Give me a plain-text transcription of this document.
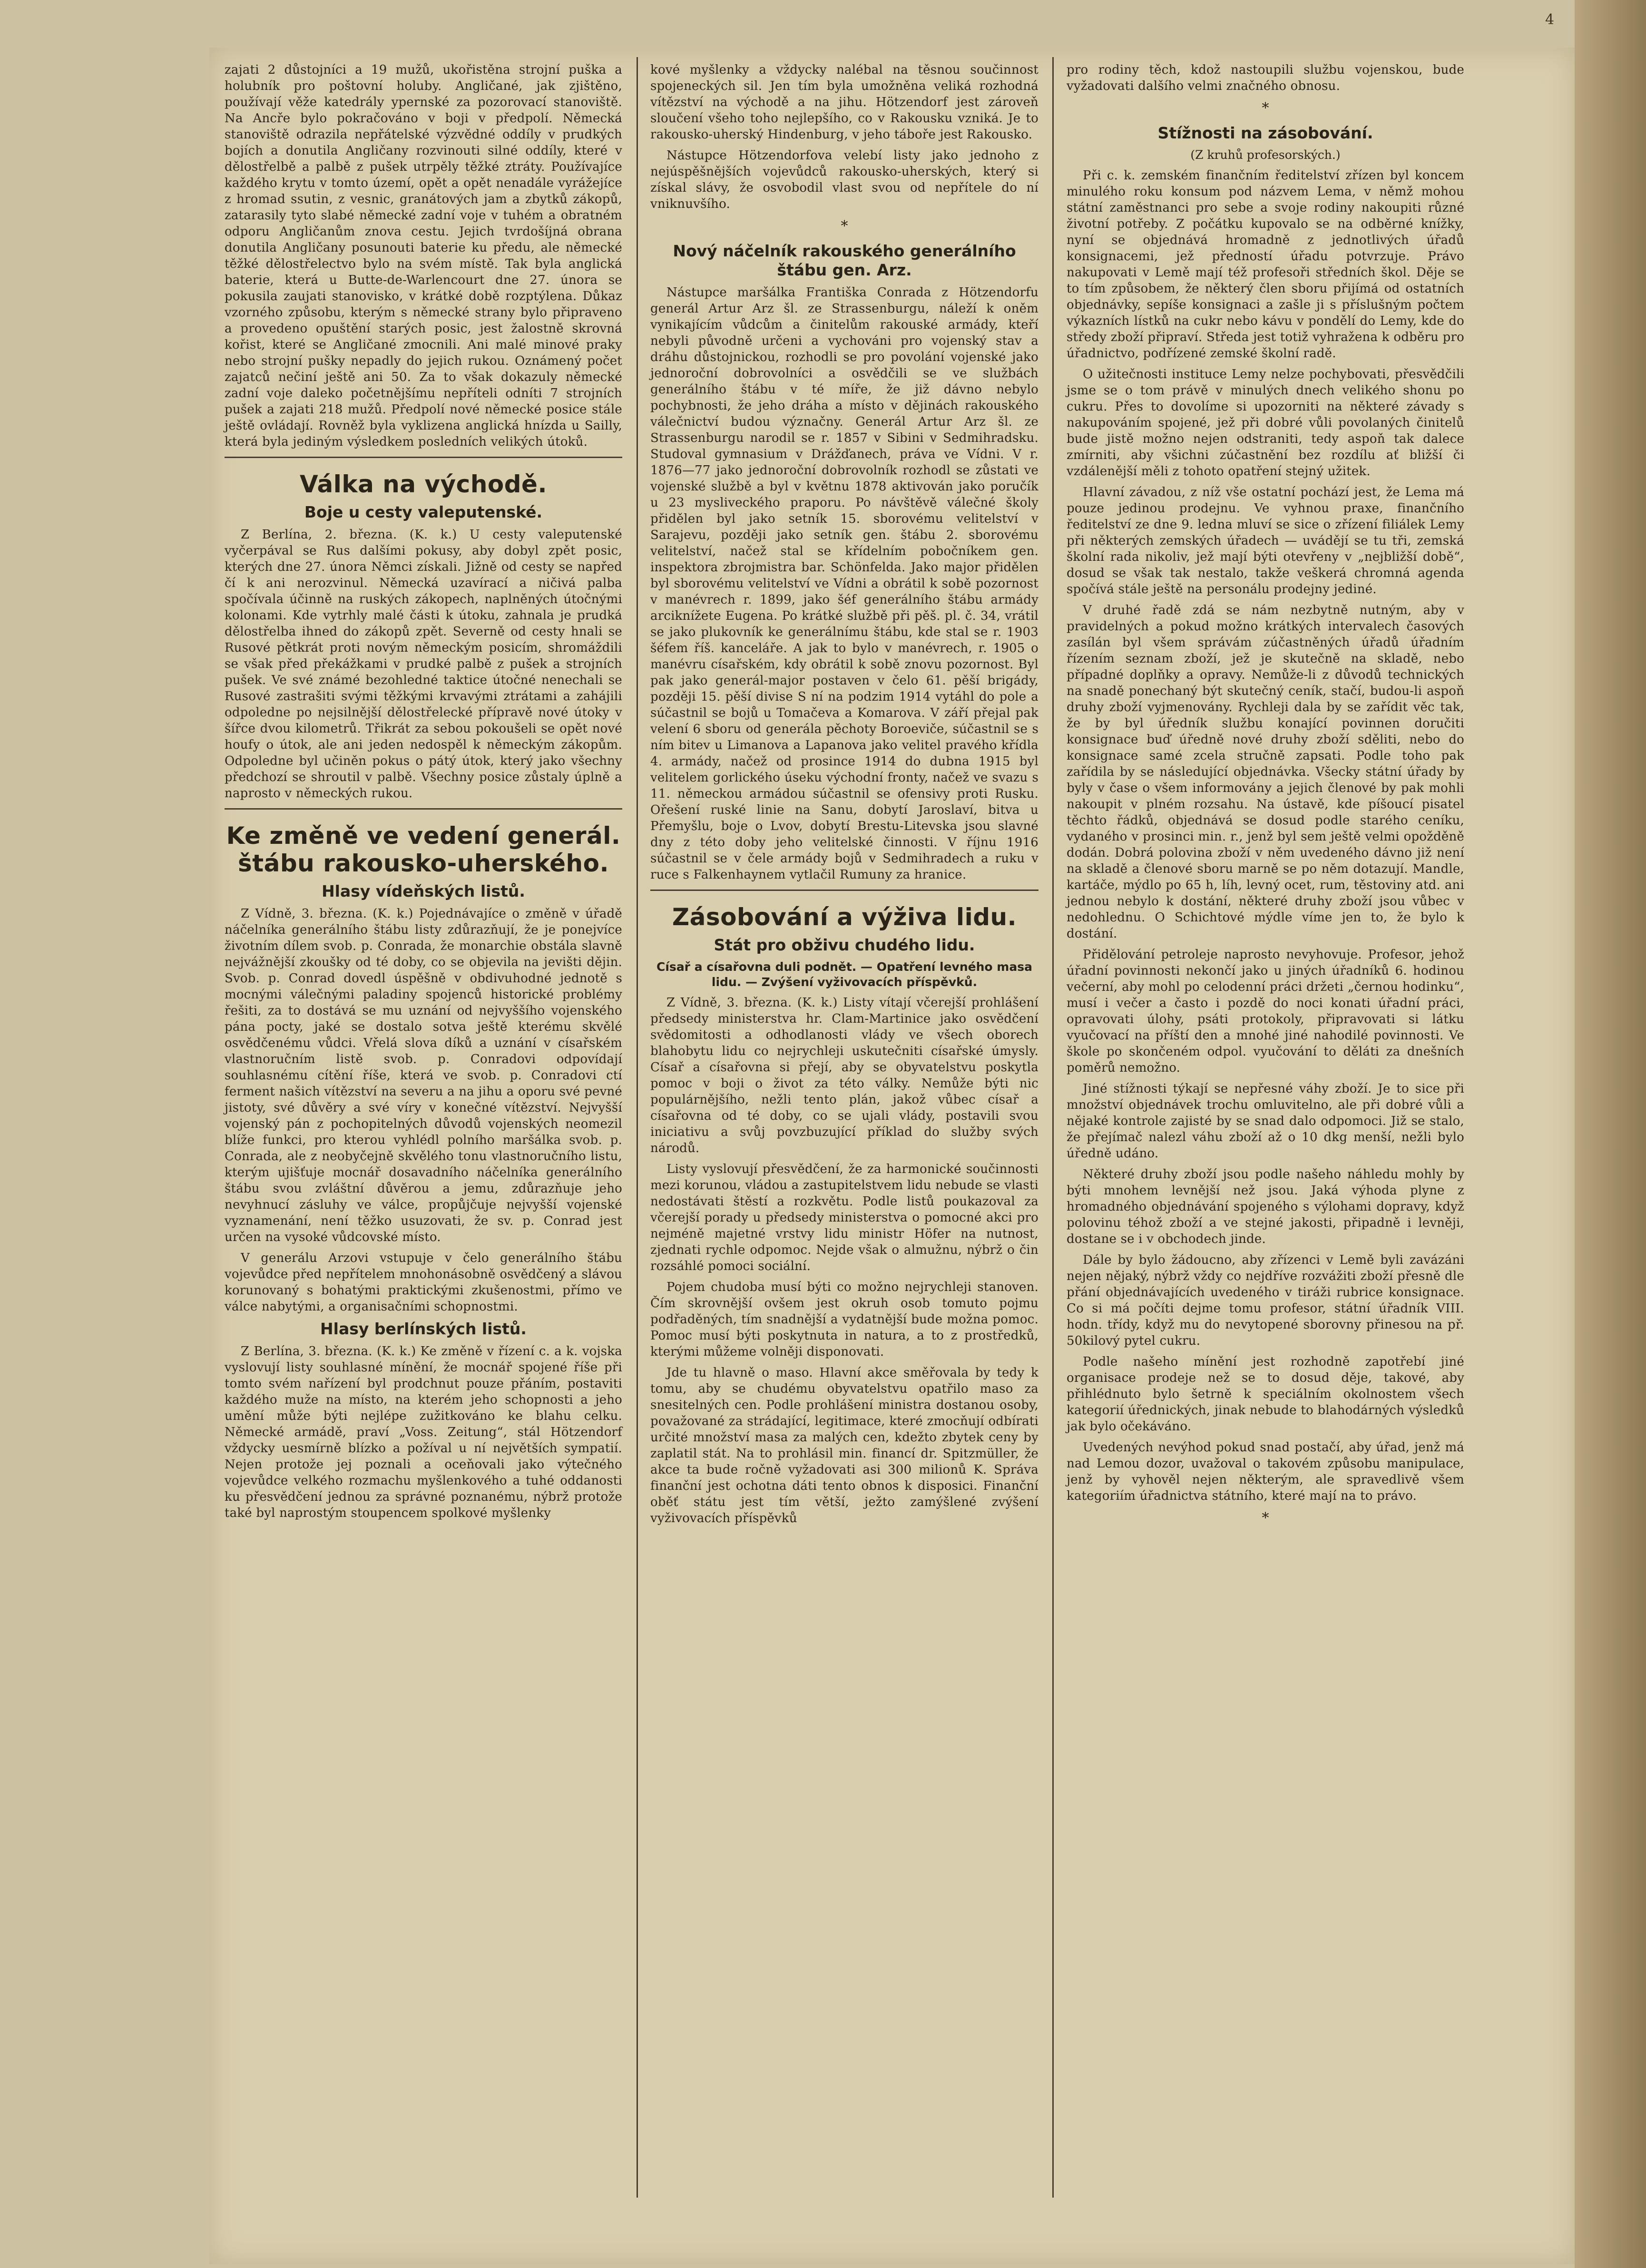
4

zajati 2 důstojníci a 19 mužů, ukořistěna strojní puška a holubník pro poštovní holuby. Angličané, jak zjištěno, používají věže katedrály ypernské za pozorovací stanoviště. Na Ancře bylo pokračováno v boji v předpolí. Německá stanoviště odrazila nepřátelské výzvědné oddíly v prudkých bojích a donutila Angličany rozvinouti silné oddíly, které v dělostřelbě a palbě z pušek utrpěly těžké ztráty. Používajíce každého krytu v tomto území, opět a opět nenadále vyrážejíce z hromad ssutin, z vesnic, granátových jam a zbytků zákopů, zatarasily tyto slabé německé zadní voje v tuhém a obratném odporu Angličanům znova cestu. Jejich tvrdošíjná obrana donutila Angličany posunouti baterie ku předu, ale německé těžké dělostřelectvo bylo na svém místě. Tak byla anglická baterie, která u Butte-de-Warlencourt dne 27. února se pokusila zaujati stanovisko, v krátké době rozptýlena. Důkaz vzorného způsobu, kterým s německé strany bylo připraveno a provedeno opuštění starých posic, jest žalostně skrovná kořist, které se Angličané zmocnili. Ani malé minové praky nebo strojní pušky nepadly do jejich rukou. Oznámený počet zajatců nečiní ještě ani 50. Za to však dokazuly německé zadní voje daleko početnějšímu nepříteli odníti 7 strojních pušek a zajati 218 mužů. Předpolí nové německé posice stále ještě ovládají. Rovněž byla vyklizena anglická hnízda u Sailly, která byla jediným výsledkem posledních velikých útoků.

Válka na východě.
Boje u cesty valeputenské.

Z Berlína, 2. března. (K. k.) U cesty valeputenské vyčerpával se Rus dalšími pokusy, aby dobyl zpět posic, kterých dne 27. února Němci získali. Jižně od cesty se napřed čí k ani nerozvinul. Německá uzavírací a ničivá palba spočívala účinně na ruských zákopech, naplněných útočnými kolonami. Kde vytrhly malé části k útoku, zahnala je prudká dělostřelba ihned do zákopů zpět. Severně od cesty hnali se Rusové pětkrát proti novým německým posicím, shromáždili se však před překážkami v prudké palbě z pušek a strojních pušek. Ve své známé bezohledné taktice útočné nenechali se Rusové zastrašiti svými těžkými krvavými ztrátami a zahájili odpoledne po nejsilnější dělostřelecké přípravě nové útoky v šířce dvou kilometrů. Třikrát za sebou pokoušeli se opět nové houfy o útok, ale ani jeden nedospěl k německým zákopům. Odpoledne byl učiněn pokus o pátý útok, který jako všechny předchozí se shroutil v palbě. Všechny posice zůstaly úplně a naprosto v německých rukou.

Ke změně ve vedení generál. štábu rakousko-uherského.
Hlasy vídeňských listů.

Z Vídně, 3. března. (K. k.) Pojednávajíce o změně v úřadě náčelníka generálního štábu listy zdůrazňují, že je ponejvíce životním dílem svob. p. Conrada, že monarchie obstála slavně nejvážnější zkoušky od té doby, co se objevila na jevišti dějin. Svob. p. Conrad dovedl úspěšně v obdivuhodné jednotě s mocnými válečnými paladiny spojenců historické problémy řešiti, za to dostává se mu uznání od nejvyššího vojenského pána pocty, jaké se dostalo sotva ještě kterému skvělé osvědčenému vůdci. Vřelá slova díků a uznání v císařském vlastnoručním listě svob. p. Conradovi odpovídají souhlasnému cítění říše, která ve svob. p. Conradovi ctí ferment našich vítězství na severu a na jihu a oporu své pevné jistoty, své důvěry a své víry v konečné vítězství. Nejvyšší vojenský pán z pochopitelných důvodů vojenských neomezil blíže funkci, pro kterou vyhlédl polního maršálka svob. p. Conrada, ale z neobyčejně skvělého tonu vlastnoručního listu, kterým ujišťuje mocnář dosavadního náčelníka generálního štábu svou zvláštní důvěrou a jemu, zdůrazňuje jeho nevyhnucí zásluhy ve válce, propůjčuje nejvyšší vojenské vyznamenání, není těžko usuzovati, že sv. p. Conrad jest určen na vysoké vůdcovské místo.

V generálu Arzovi vstupuje v čelo generálního štábu vojevůdce před nepřítelem mnohonásobně osvědčený a slávou korunovaný s bohatými praktickými zkušenostmi, přímo ve válce nabytými, a organisačními schopnostmi.

Hlasy berlínských listů.

Z Berlína, 3. března. (K. k.) Ke změně v řízení c. a k. vojska vyslovují listy souhlasné mínění, že mocnář spojené říše při tomto svém nařízení byl prodchnut pouze přáním, postaviti každého muže na místo, na kterém jeho schopnosti a jeho umění může býti nejlépe zužitkováno ke blahu celku. Německé armádě, praví „Voss. Zeitung“, stál Hötzendorf vždycky uesmírně blízko a požíval u ní největších sympatií. Nejen protože jej poznali a oceňovali jako výtečného vojevůdce velkého rozmachu myšlenkového a tuhé oddanosti ku přesvědčení jednou za správné poznanému, nýbrž protože také byl naprostým stoupencem spolkové myšlenky

kové myšlenky a vždycky nalébal na těsnou součinnost spojeneckých sil. Jen tím byla umožněna veliká rozhodná vítězství na východě a na jihu. Hötzendorf jest zároveň sloučení všeho toho nejlepšího, co v Rakousku vzniká. Je to rakousko-uherský Hindenburg, v jeho táboře jest Rakousko.

Nástupce Hötzendorfova velebí listy jako jednoho z nejúspěšnějších vojevůdců rakousko-uherských, který si získal slávy, že osvobodil vlast svou od nepřítele do ní vniknuvšího.

*
Nový náčelník rakouského generálního štábu gen. Arz.

Nástupce maršálka Františka Conrada z Hötzendorfu generál Artur Arz šl. ze Strassenburgu, náleží k oněm vynikajícím vůdcům a činitelům rakouské armády, kteří nebyli původně určeni a vychováni pro vojenský stav a dráhu důstojnickou, rozhodli se pro povolání vojenské jako jednoroční dobrovolníci a osvědčili se ve službách generálního štábu v té míře, že již dávno nebylo pochybnosti, že jeho dráha a místo v dějinách rakouského válečnictví budou význačny. Generál Artur Arz šl. ze Strassenburgu narodil se r. 1857 v Sibini v Sedmihradsku. Studoval gymnasium v Drážďanech, práva ve Vídni. V r. 1876—77 jako jednoroční dobrovolník rozhodl se zůstati ve vojenské službě a byl v květnu 1878 aktivován jako poručík u 23 mysliveckého praporu. Po návštěvě válečné školy přidělen byl jako setník 15. sborovému velitelství v Sarajevu, později jako setník gen. štábu 2. sborovému velitelství, načež stal se křídelním pobočníkem gen. inspektora zbrojmistra bar. Schönfelda. Jako major přidělen byl sborovému velitelství ve Vídni a obrátil k sobě pozornost v manévrech r. 1899, jako šéf generálního štábu armády arciknížete Eugena. Po krátké službě při pěš. pl. č. 34, vrátil se jako plukovník ke generálnímu štábu, kde stal se r. 1903 šéfem říš. kanceláře. A jak to bylo v manévrech, r. 1905 o manévru císařském, kdy obrátil k sobě znovu pozornost. Byl pak jako generál-major postaven v čelo 61. pěší brigády, později 15. pěší divise S ní na podzim 1914 vytáhl do pole a súčastnil se bojů u Tomačeva a Komarova. V září přejal pak velení 6 sboru od generála pěchoty Boroeviče, súčastnil se s ním bitev u Limanova a Lapanova jako velitel pravého křídla 4. armády, načež od prosince 1914 do dubna 1915 byl velitelem gorlického úseku východní fronty, načež ve svazu s 11. německou armádou súčastnil se ofensivy proti Rusku. Ořešení ruské linie na Sanu, dobytí Jaroslaví, bitva u Přemyšlu, boje o Lvov, dobytí Brestu-Litevska jsou slavné dny z této doby jeho velitelské činnosti. V říjnu 1916 súčastnil se v čele armády bojů v Sedmihradech a ruku v ruce s Falkenhaynem vytlačil Rumuny za hranice.

Zásobování a výživa lidu.
Stát pro obživu chudého lidu.
Císař a císařovna duli podnět. — Opatření levného masa lidu. — Zvýšení vyživovacích příspěvků.

Z Vídně, 3. března. (K. k.) Listy vítají včerejší prohlášení předsedy ministerstva hr. Clam-Martinice jako osvědčení svědomitosti a odhodlanosti vlády ve všech oborech blahobytu lidu co nejrychleji uskutečniti císařské úmysly. Císař a císařovna si přejí, aby se obyvatelstvu poskytla pomoc v boji o život za této války. Nemůže býti nic populárnějšího, nežli tento plán, jakož vůbec císař a císařovna od té doby, co se ujali vlády, postavili svou iniciativu a svůj povzbuzující příklad do služby svých národů.

Listy vyslovují přesvědčení, že za harmonické součinnosti mezi korunou, vládou a zastupitelstvem lidu nebude se vlasti nedostávati štěstí a rozkvětu. Podle listů poukazoval za včerejší porady u předsedy ministerstva o pomocné akci pro nejméně majetné vrstvy lidu ministr Höfer na nutnost, zjednati rychle odpomoc. Nejde však o almužnu, nýbrž o čin rozsáhlé pomoci sociální.

Pojem chudoba musí býti co možno nejrychleji stanoven. Čím skrovnější ovšem jest okruh osob tomuto pojmu podřaděných, tím snadnější a vydatnější bude možna pomoc. Pomoc musí býti poskytnuta in natura, a to z prostředků, kterými můžeme volněji disponovati.

Jde tu hlavně o maso. Hlavní akce směřovala by tedy k tomu, aby se chudému obyvatelstvu opatřilo maso za snesitelných cen. Podle prohlášení ministra dostanou osoby, považované za strádající, legitimace, které zmocňují odbírati určité množství masa za malých cen, kdežto zbytek ceny by zaplatil stát. Na to prohlásil min. financí dr. Spitzmüller, že akce ta bude ročně vyžadovati asi 300 milionů K. Správa finanční jest ochotna dáti tento obnos k disposici. Finanční oběť státu jest tím větší, ježto zamýšlené zvýšení vyživovacích příspěvků

pro rodiny těch, kdož nastoupili službu vojenskou, bude vyžadovati dalšího velmi značného obnosu.

*
Stížnosti na zásobování.
(Z kruhů profesorských.)

Při c. k. zemském finančním ředitelství zřízen byl koncem minulého roku konsum pod názvem Lema, v němž mohou státní zaměstnanci pro sebe a svoje rodiny nakoupiti různé životní potřeby. Z počátku kupovalo se na odběrné knížky, nyní se objednává hromadně z jednotlivých úřadů konsignacemi, jež předností úřadu potvrzuje. Právo nakupovati v Lemě mají též profesoři středních škol. Děje se to tím způsobem, že některý člen sboru přijímá od ostatních objednávky, sepíše konsignaci a zašle ji s příslušným počtem výkazních lístků na cukr nebo kávu v pondělí do Lemy, kde do středy zboží připraví. Středa jest totiž vyhražena k odběru pro úřadnictvo, podřízené zemské školní radě.

O užitečnosti instituce Lemy nelze pochybovati, přesvědčili jsme se o tom právě v minulých dnech velikého shonu po cukru. Přes to dovolíme si upozorniti na některé závady s nakupováním spojené, jež při dobré vůli povolaných činitelů bude jistě možno nejen odstraniti, tedy aspoň tak dalece zmírniti, aby všichni zúčastnění bez rozdílu ať bližší či vzdálenější měli z tohoto opatření stejný užitek.

Hlavní závadou, z níž vše ostatní pochází jest, že Lema má pouze jedinou prodejnu. Ve vyhnou praxe, finančního ředitelství ze dne 9. ledna mluví se sice o zřízení filiálek Lemy při některých zemských úřadech — uvádějí se tu tři, zemská školní rada nikoliv, jež mají býti otevřeny v „nejbližší době“, dosud se však tak nestalo, takže veškerá chromná agenda spočívá stále ještě na personálu prodejny jediné.

V druhé řadě zdá se nám nezbytně nutným, aby v pravidelných a pokud možno krátkých intervalech časových zasílán byl všem správám zúčastněných úřadů úřadním řízením seznam zboží, jež je skutečně na skladě, nebo případné doplňky a opravy. Nemůže-li z důvodů technických na snadě ponechaný být skutečný ceník, stačí, budou-li aspoň druhy zboží vyjmenovány. Rychleji dala by se zařídit věc tak, že by byl úředník službu konající povinnen doručiti konsignace buď úředně nové druhy zboží sděliti, nebo do konsignace samé zcela stručně zapsati. Podle toho pak zařídila by se následující objednávka. Všecky státní úřady by byly v čase o všem informovány a jejich členové by pak mohli nakoupit v plném rozsahu. Na ústavě, kde píšoucí pisatel těchto řádků, objednává se dosud podle starého ceníku, vydaného v prosinci min. r., jenž byl sem ještě velmi opožděně dodán. Dobrá polovina zboží v něm uvedeného dávno již není na skladě a členové sboru marně se po něm dotazují. Mandle, kartáče, mýdlo po 65 h, líh, levný ocet, rum, těstoviny atd. ani jednou nebylo k dostání, některé druhy zboží jsou vůbec v nedohlednu. O Schichtové mýdle víme jen to, že bylo k dostání.

Přidělování petroleje naprosto nevyhovuje. Profesor, jehož úřadní povinnosti nekončí jako u jiných úřadníků 6. hodinou večerní, aby mohl po celodenní práci držeti „černou hodinku“, musí i večer a často i pozdě do noci konati úřadní práci, opravovati úlohy, psáti protokoly, připravovati si látku vyučovací na příští den a mnohé jiné nahodilé povinnosti. Ve škole po skončeném odpol. vyučování to děláti za dnešních poměrů nemožno.

Jiné stížnosti týkají se nepřesné váhy zboží. Je to sice při množství objednávek trochu omluvitelno, ale při dobré vůli a nějaké kontrole zajisté by se snad dalo odpomoci. Již se stalo, že přejímač nalezl váhu zboží až o 10 dkg menší, nežli bylo úředně udáno.

Některé druhy zboží jsou podle našeho náhledu mohly by býti mnohem levnější než jsou. Jaká výhoda plyne z hromadného objednávání spojeného s výlohami dopravy, když polovinu téhož zboží a ve stejné jakosti, připadně i levněji, dostane se i v obchodech jinde.

Dále by bylo žádoucno, aby zřízenci v Lemě byli zavázáni nejen nějaký, nýbrž vždy co nejdříve rozvážiti zboží přesně dle přání objednávajících uvedeného v tiráži rubrice konsignace. Co si má počíti dejme tomu profesor, státní úřadník VIII. hodn. třídy, když mu do nevytopené sborovny přinesou na př. 50kilový pytel cukru.

Podle našeho mínění jest rozhodně zapotřebí jiné organisace prodeje než se to dosud děje, takové, aby přihlédnuto bylo šetrně k speciálním okolnostem všech kategorií úřednických, jinak nebude to blahodárných výsledků jak bylo očekáváno.

Uvedených nevýhod pokud snad postačí, aby úřad, jenž má nad Lemou dozor, uvažoval o takovém způsobu manipulace, jenž by vyhověl nejen některým, ale spravedlivě všem kategoriím úřadnictva státního, které mají na to právo.

*
